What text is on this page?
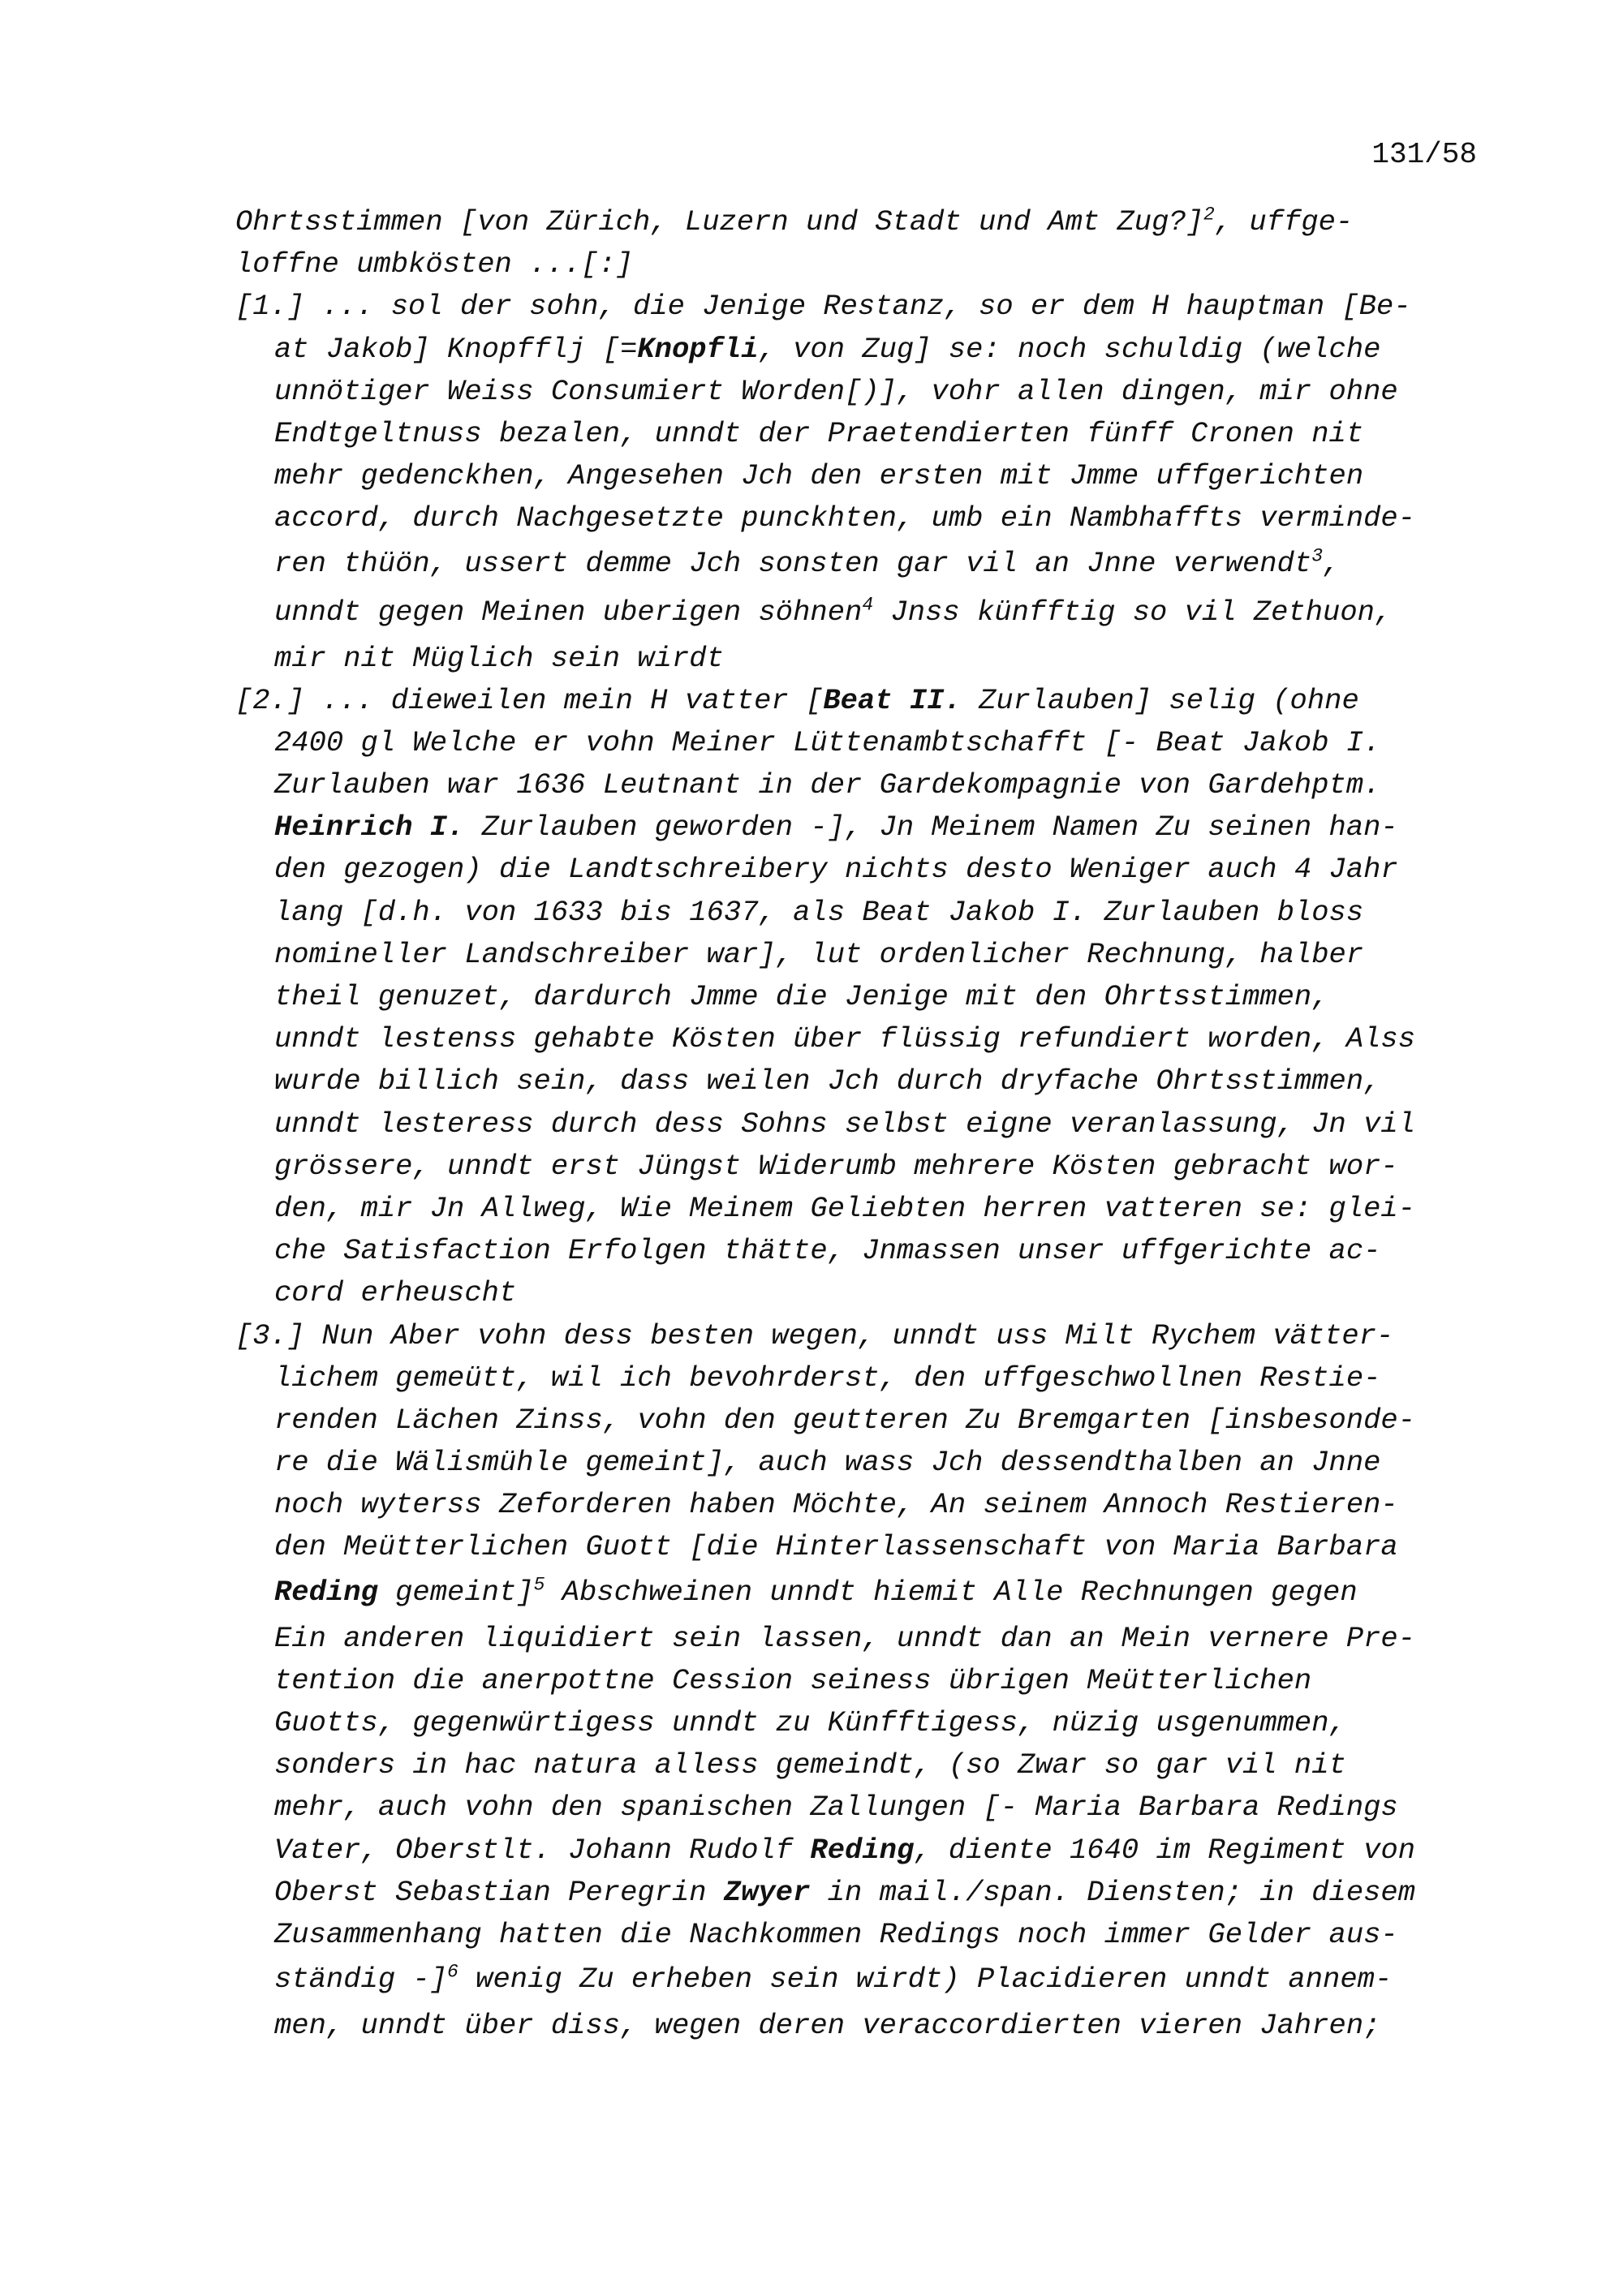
131/58
Ohrtsstimmen [von Zürich, Luzern und Stadt und Amt Zug?]$^2$, uffge-
loffne umbkösten ...[:]
[1.] ... sol der sohn, die Jenige Restanz, so er dem H hauptman [Be-
at Jakob] Knopfflj [=Knopfli, von Zug] se: noch schuldig (welche
unnötiger Weiss Consumiert Worden[)], vohr allen dingen, mir ohne
Endtgeltnuss bezalen, unndt der Praetendierten fünff Cronen nit
mehr gedenckhen, Angesehen Jch den ersten mit Jmme uffgerichten
accord, durch Nachgesetzte punckhten, umb ein Nambhaffts verminde-
ren thüön, ussert demme Jch sonsten gar vil an Jnne verwendt$^3$,
unndt gegen Meinen uberigen söhnen$^4$ Jnss künfftig so vil Zethuon,
mir nit Müglich sein wirdt
[2.] ... dieweilen mein H vatter [Beat II. Zurlauben] selig (ohne
2400 gl Welche er vohn Meiner Lüttenambtschafft [- Beat Jakob I.
Zurlauben war 1636 Leutnant in der Gardekompagnie von Gardehptm.
Heinrich I. Zurlauben geworden -], Jn Meinem Namen Zu seinen han-
den gezogen) die Landtschreibery nichts desto Weniger auch 4 Jahr
lang [d.h. von 1633 bis 1637, als Beat Jakob I. Zurlauben bloss
nomineller Landschreiber war], lut ordenlicher Rechnung, halber
theil genuzet, dardurch Jmme die Jenige mit den Ohrtsstimmen,
unndt lestenss gehabte Kösten über flüssig refundiert worden, Alss
wurde billich sein, dass weilen Jch durch dryfache Ohrtsstimmen,
unndt lesteress durch dess Sohns selbst eigne veranlassung, Jn vil
grössere, unndt erst Jüngst Widerumb mehrere Kösten gebracht wor-
den, mir Jn Allweg, Wie Meinem Geliebten herren vatteren se: glei-
che Satisfaction Erfolgen thätte, Jnmassen unser uffgerichte ac-
cord erheuscht
[3.] Nun Aber vohn dess besten wegen, unndt uss Milt Rychem vätter-
lichem gemeütt, wil ich bevohrderst, den uffgeschwollnen Restie-
renden Lächen Zinss, vohn den geutteren Zu Bremgarten [insbesonde-
re die Wälismühle gemeint], auch wass Jch dessendthalben an Jnne
noch wyterss Zeforderen haben Möchte, An seinem Annoch Restieren-
den Meütterlichen Guott [die Hinterlassenschaft von Maria Barbara
Reding gemeint]$^5$ Abschweinen unndt hiemit Alle Rechnungen gegen
Ein anderen liquidiert sein lassen, unndt dan an Mein vernere Pre-
tention die anerpottne Cession seiness übrigen Meütterlichen
Guotts, gegenwürtigess unndt zu Künfftigess, nüzig usgenummen,
sonders in hac natura alless gemeindt, (so Zwar so gar vil nit
mehr, auch vohn den spanischen Zallungen [- Maria Barbara Redings
Vater, Oberstlt. Johann Rudolf Reding, diente 1640 im Regiment von
Oberst Sebastian Peregrin Zwyer in mail./span. Diensten; in diesem
Zusammenhang hatten die Nachkommen Redings noch immer Gelder aus-
ständig -]$^6$ wenig Zu erheben sein wirdt) Placidieren unndt annem-
men, unndt über diss, wegen deren veraccordierten vieren Jahren;
